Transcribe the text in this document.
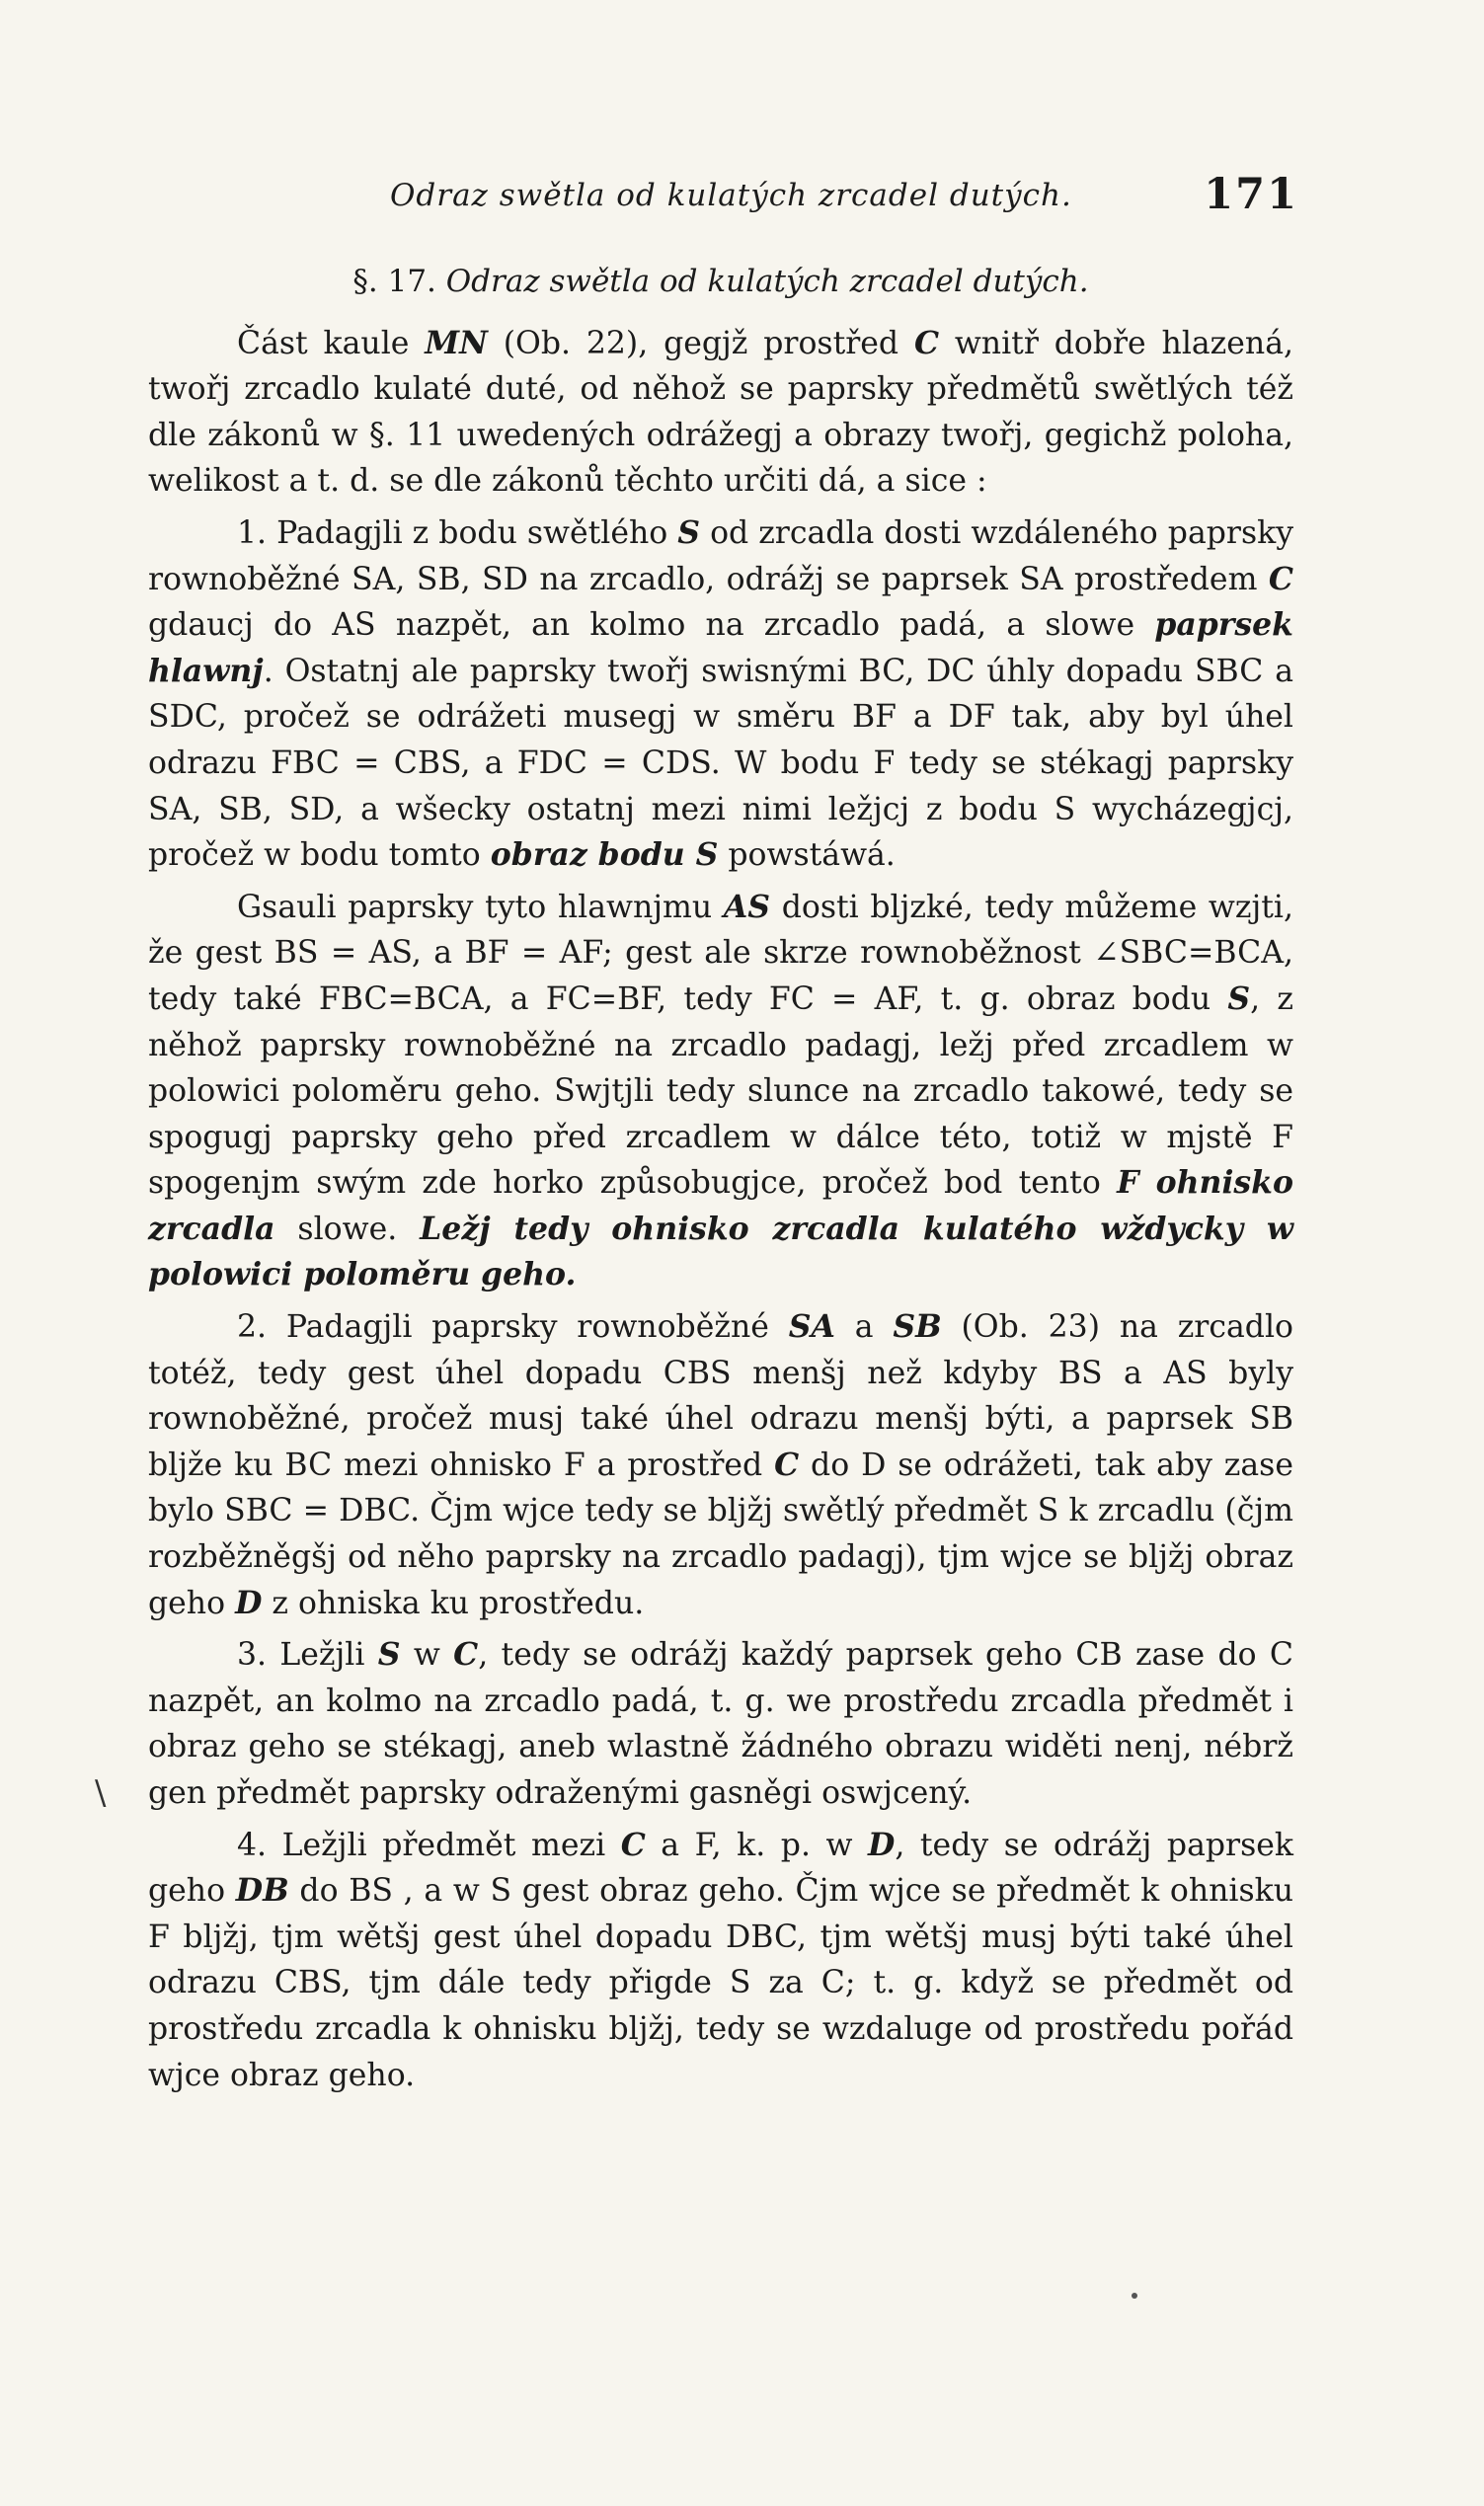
Odraz swětla od kulatých zrcadel dutých.	171
§. 17. Odraz swětla od kulatých zrcadel dutých.

Část kaule MN (Ob. 22), gegjž prostřed C wnitř dobře hlazená, twořj zrcadlo kulaté duté, od něhož se paprsky předmětů swětlých též dle zákonů w §. 11 uwedených odrážegj a obrazy twořj, gegichž poloha, welikost a t. d. se dle zákonů těchto určiti dá, a sice :

1. Padagjli z bodu swětlého S od zrcadla dosti wzdáleného paprsky rownoběžné SA, SB, SD na zrcadlo, odrážj se paprsek SA prostředem C gdaucj do AS nazpět, an kolmo na zrcadlo padá, a slowe paprsek hlawnj. Ostatnj ale paprsky twořj swisnými BC, DC úhly dopadu SBC a SDC, pročež se odrážeti musegj w směru BF a DF tak, aby byl úhel odrazu FBC = CBS, a FDC = CDS. W bodu F tedy se stékagj paprsky SA, SB, SD, a wšecky ostatnj mezi nimi ležjcj z bodu S wycházegjcj, pročež w bodu tomto obraz bodu S powstáwá.

Gsauli paprsky tyto hlawnjmu AS dosti bljzké, tedy můžeme wzjti, že gest BS = AS, a BF = AF; gest ale skrze rownoběžnost ∠SBC=BCA, tedy také FBC=BCA, a FC=BF, tedy FC = AF, t. g. obraz bodu S, z něhož paprsky rownoběžné na zrcadlo padagj, ležj před zrcadlem w polowici poloměru geho. Swjtjli tedy slunce na zrcadlo takowé, tedy se spogugj paprsky geho před zrcadlem w dálce této, totiž w mjstě F spogenjm swým zde horko způsobugjce, pročež bod tento F ohnisko zrcadla slowe. Ležj tedy ohnisko zrcadla kulatého wždycky w polowici poloměru geho.

2. Padagjli paprsky rownoběžné SA a SB (Ob. 23) na zrcadlo totéž, tedy gest úhel dopadu CBS menšj než kdyby BS a AS byly rownoběžné, pročež musj také úhel odrazu menšj býti, a paprsek SB bljže ku BC mezi ohnisko F a prostřed C do D se odrážeti, tak aby zase bylo SBC = DBC. Čjm wjce tedy se bljžj swětlý předmět S k zrcadlu (čjm rozběžněgšj od něho paprsky na zrcadlo padagj), tjm wjce se bljžj obraz geho D z ohniska ku prostředu.

3. Ležjli S w C, tedy se odrážj každý paprsek geho CB zase do C nazpět, an kolmo na zrcadlo padá, t. g. we prostředu zrcadla předmět i obraz geho se stékagj, aneb wlastně žádného obrazu widěti nenj, nébrž gen předmět paprsky odraženými gasněgi oswjcený.

4. Ležjli předmět mezi C a F, k. p. w D, tedy se odrážj paprsek geho DB do BS , a w S gest obraz geho. Čjm wjce se předmět k ohnisku F bljžj, tjm wětšj gest úhel dopadu DBC, tjm wětšj musj býti také úhel odrazu CBS, tjm dále tedy přigde S za C; t. g. když se předmět od prostředu zrcadla k ohnisku bljžj, tedy se wzdaluge od prostředu pořád wjce obraz geho.

\
